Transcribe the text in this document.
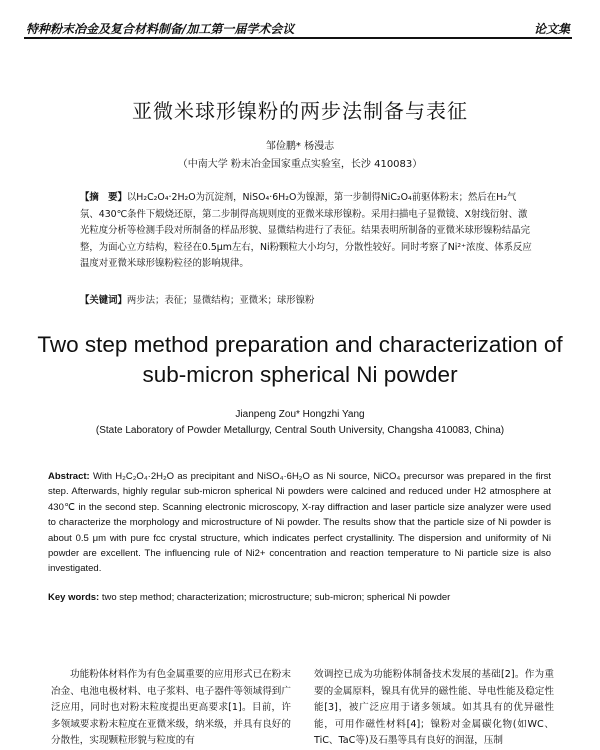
特种粉末冶金及复合材料制备/加工第一届学术会议	论文集
亚微米球形镍粉的两步法制备与表征
邹俭鹏* 杨漫志
（中南大学 粉末冶金国家重点实验室，长沙 410083）
【摘　要】以H₂C₂O₄·2H₂O为沉淀剂，NiSO₄·6H₂O为镍源，第一步制得NiC₂O₄前驱体粉末；然后在H₂气氛、430℃条件下煅烧还原，第二步制得高规则度的亚微米球形镍粉。采用扫描电子显微镜、X射线衍射、激光粒度分析等检测手段对所制备的样品形貌、显微结构进行了表征。结果表明所制备的亚微米球形镍粉结晶完整，为面心立方结构，粒径在0.5μm左右，Ni粉颗粒大小均匀，分散性较好。同时考察了Ni²⁺浓度、体系反应温度对亚微米球形镍粉粒径的影响规律。
【关键词】两步法；表征；显微结构；亚微米；球形镍粉
Two step method preparation and characterization of sub-micron spherical Ni powder
Jianpeng Zou* Hongzhi Yang
(State Laboratory of Powder Metallurgy, Central South University, Changsha 410083, China)
Abstract: With H₂C₂O₄·2H₂O as precipitant and NiSO₄·6H₂O as Ni source, NiCO₄ precursor was prepared in the first step. Afterwards, highly regular sub-micron spherical Ni powders were calcined and reduced under H2 atmosphere at 430℃ in the second step. Scanning electronic microscopy, X-ray diffraction and laser particle size analyzer were used to characterize the morphology and microstructure of Ni powder. The results show that the particle size of Ni powder is about 0.5 μm with pure fcc crystal structure, which indicates perfect crystallinity. The dispersion and uniformity of Ni powder are excellent. The influencing rule of Ni2+ concentration and reaction temperature to Ni particle size is also investigated.
Key words: two step method; characterization; microstructure; sub-micron; spherical Ni powder
功能粉体材料作为有色金属重要的应用形式已在粉末冶金、电池电极材料、电子浆料、电子器件等领域得到广泛应用，同时也对粉末粒度提出更高要求[1]。目前，许多领域要求粉末粒度在亚微米级，纳米级，并具有良好的分散性，实现颗粒形貌与粒度的有
效调控已成为功能粉体制备技术发展的基础[2]。作为重要的金属原料，镍具有优异的磁性能、导电性能及稳定性能[3]，被广泛应用于诸多领域。如其具有的优异磁性能，可用作磁性材料[4]；镍粉对金属碳化物(如WC、TiC、TaC等)及石墨等具有良好的润湿，压制
